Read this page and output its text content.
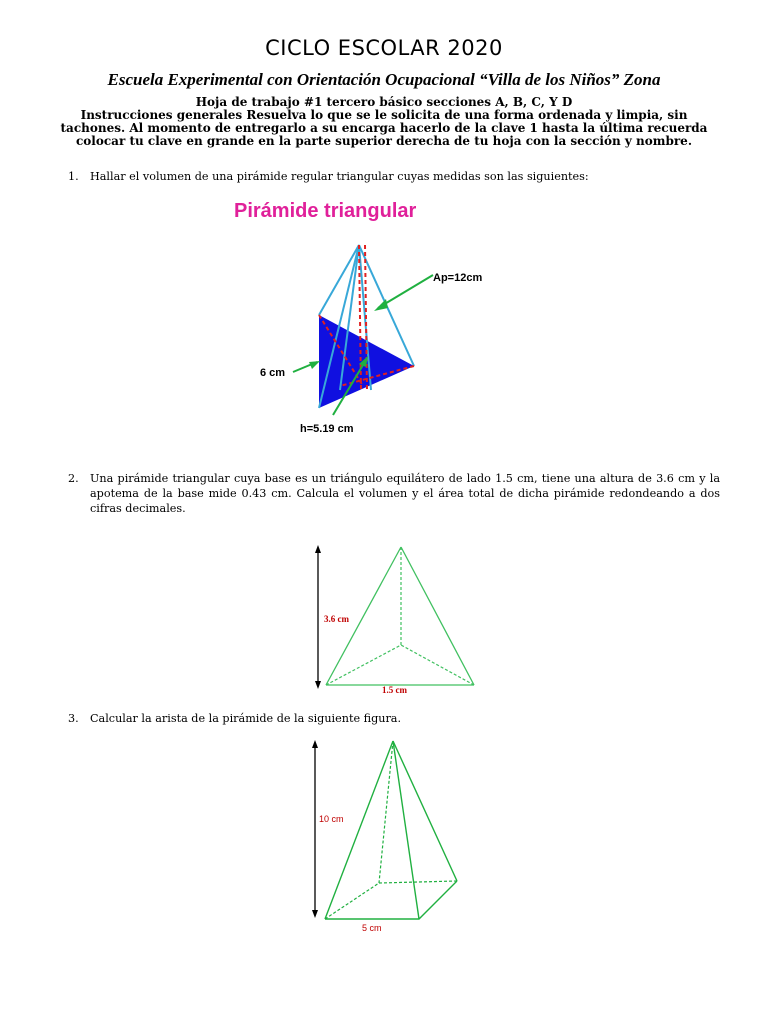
CICLO ESCOLAR 2020
Escuela Experimental con Orientación Ocupacional “Villa de los Niños” Zona
Hoja de trabajo #1 tercero básico secciones A, B, C, Y D
Instrucciones generales Resuelva lo que se le solicita de una forma ordenada y limpia, sin
tachones. Al momento de entregarlo a su encarga hacerlo de la clave 1 hasta la última recuerda
colocar tu clave en grande en la parte superior derecha de tu hoja con la sección y nombre.
1. Hallar el volumen de una pirámide regular triangular cuyas medidas son las siguientes:
Pirámide triangular
Ap=12cm
6 cm
h=5.19 cm
2. Una pirámide triangular cuya base es un triángulo equilátero de lado 1.5 cm, tiene una altura de 3.6 cm y la apotema de la base mide 0.43 cm. Calcula el volumen y el área total de dicha pirámide redondeando a dos cifras decimales.
3.6 cm
1.5 cm
3. Calcular la arista de la pirámide de la siguiente figura.
10 cm
5 cm
